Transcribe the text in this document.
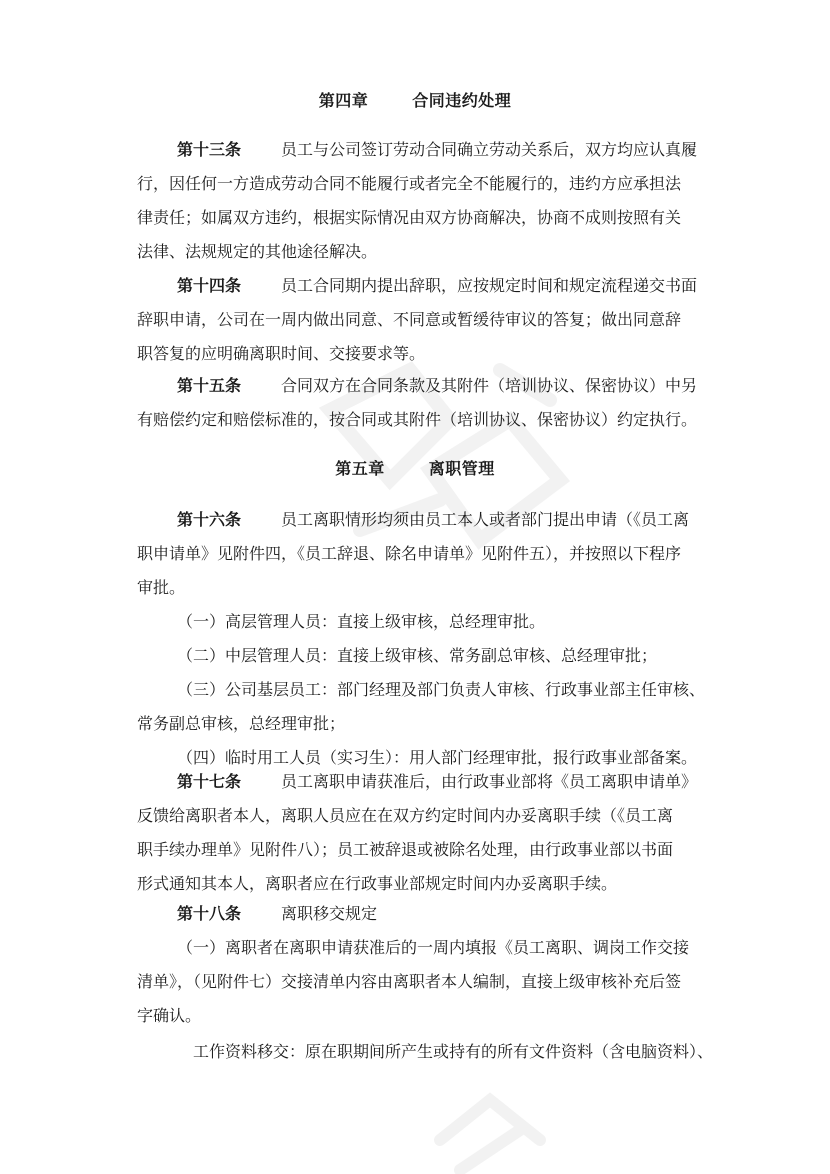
第四章	合同违约处理
第十三条	员工与公司签订劳动合同确立劳动关系后，双方均应认真履
行，因任何一方造成劳动合同不能履行或者完全不能履行的，违约方应承担法
律责任；如属双方违约，根据实际情况由双方协商解决，协商不成则按照有关
法律、法规规定的其他途径解决。
第十四条	员工合同期内提出辞职，应按规定时间和规定流程递交书面
辞职申请，公司在一周内做出同意、不同意或暂缓待审议的答复；做出同意辞
职答复的应明确离职时间、交接要求等。
第十五条	合同双方在合同条款及其附件（培训协议、保密协议）中另
有赔偿约定和赔偿标准的，按合同或其附件（培训协议、保密协议）约定执行。
第五章	离职管理
第十六条	员工离职情形均须由员工本人或者部门提出申请（《员工离
职申请单》见附件四，《员工辞退、除名申请单》见附件五），并按照以下程序
审批。
（一）高层管理人员：直接上级审核，总经理审批。
（二）中层管理人员：直接上级审核、常务副总审核、总经理审批；
（三）公司基层员工：部门经理及部门负责人审核、行政事业部主任审核、
常务副总审核，总经理审批；
（四）临时用工人员（实习生）：用人部门经理审批，报行政事业部备案。
第十七条	员工离职申请获准后，由行政事业部将《员工离职申请单》
反馈给离职者本人，离职人员应在在双方约定时间内办妥离职手续（《员工离
职手续办理单》见附件八）；员工被辞退或被除名处理，由行政事业部以书面
形式通知其本人，离职者应在行政事业部规定时间内办妥离职手续。
第十八条	离职移交规定
（一）离职者在离职申请获准后的一周内填报《员工离职、调岗工作交接
清单》，（见附件七）交接清单内容由离职者本人编制，直接上级审核补充后签
字确认。
工作资料移交：原在职期间所产生或持有的所有文件资料（含电脑资料）、
